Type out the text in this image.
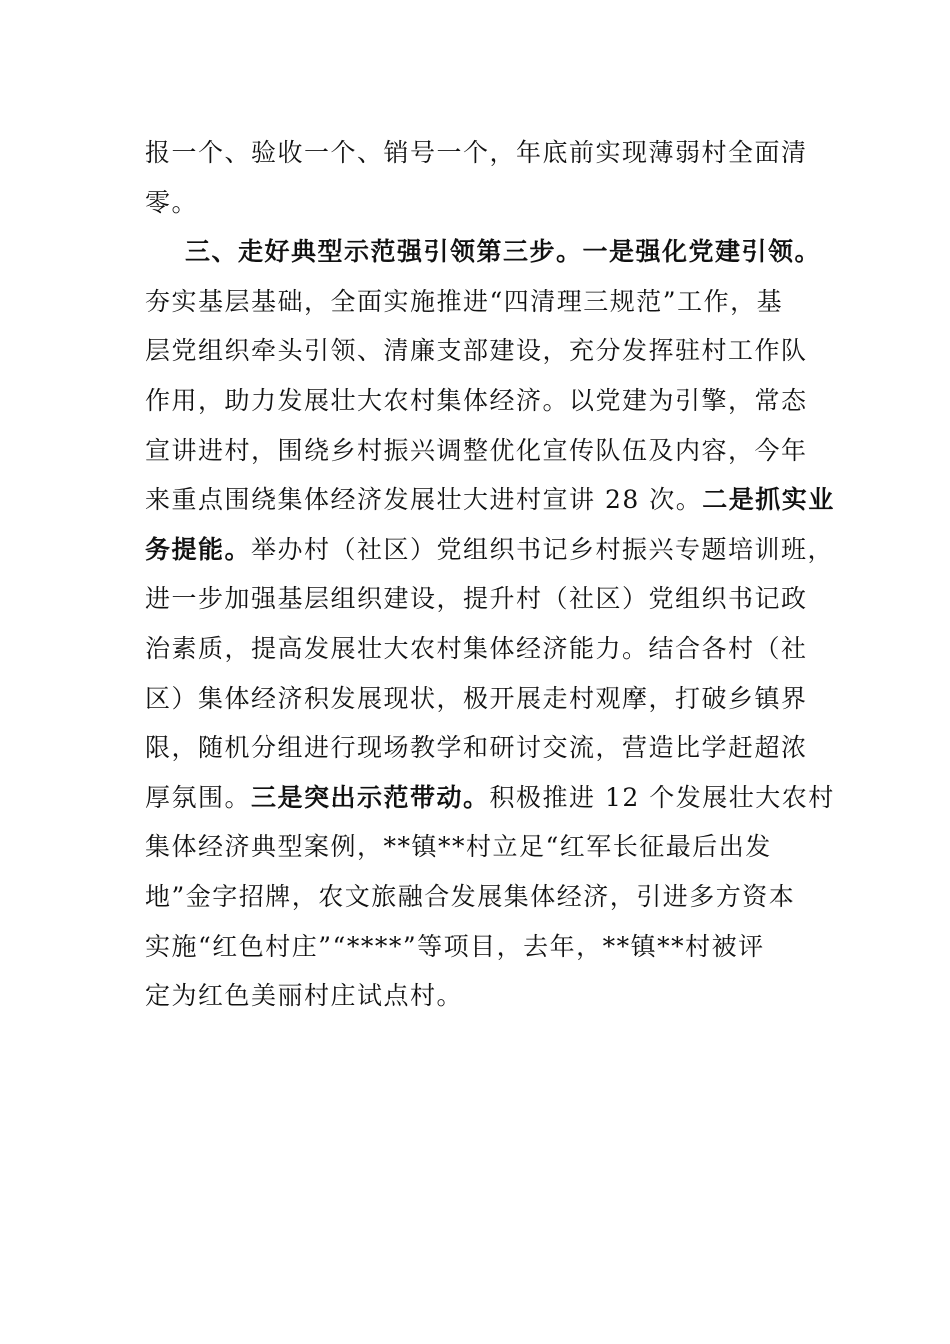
报一个、验收一个、销号一个，年底前实现薄弱村全面清
零。
三、走好典型示范强引领第三步。一是强化党建引领。
夯实基层基础，全面实施推进“四清理三规范”工作，基
层党组织牵头引领、清廉支部建设，充分发挥驻村工作队
作用，助力发展壮大农村集体经济。以党建为引擎，常态
宣讲进村，围绕乡村振兴调整优化宣传队伍及内容，今年
来重点围绕集体经济发展壮大进村宣讲 28 次。二是抓实业
务提能。举办村（社区）党组织书记乡村振兴专题培训班，
进一步加强基层组织建设，提升村（社区）党组织书记政
治素质，提高发展壮大农村集体经济能力。结合各村（社
区）集体经济积发展现状，极开展走村观摩，打破乡镇界
限，随机分组进行现场教学和研讨交流，营造比学赶超浓
厚氛围。三是突出示范带动。积极推进 12 个发展壮大农村
集体经济典型案例，**镇**村立足“红军长征最后出发
地”金字招牌，农文旅融合发展集体经济，引进多方资本
实施“红色村庄”“****”等项目，去年，**镇**村被评
定为红色美丽村庄试点村。
